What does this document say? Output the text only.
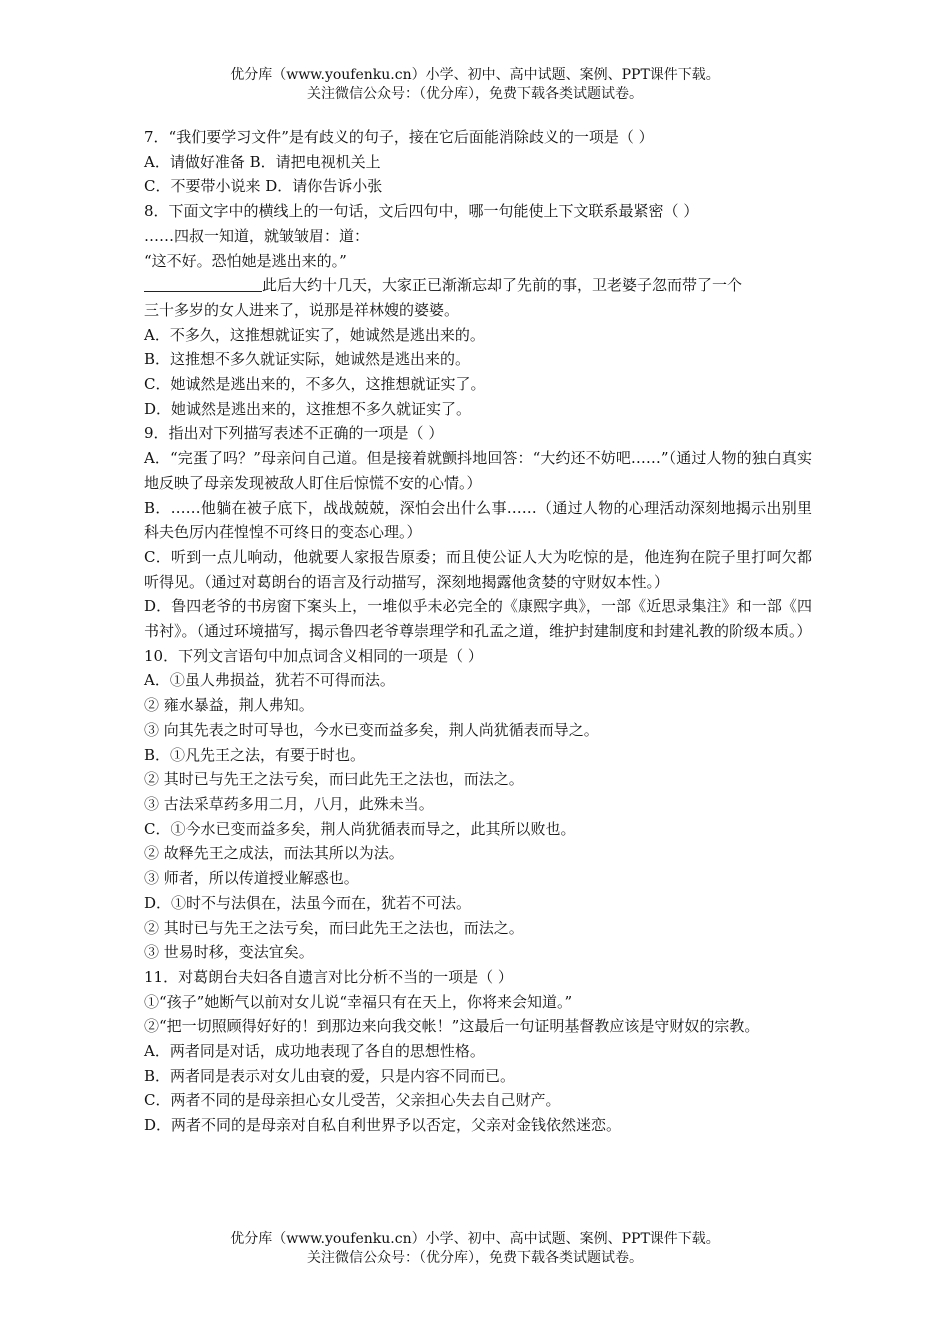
优分库（www.youfenku.cn）小学、初中、高中试题、案例、PPT课件下载。
关注微信公众号：（优分库），免费下载各类试题试卷。

7．“我们要学习文件”是有歧义的句子，接在它后面能消除歧义的一项是（ ）

A．请做好准备 B．请把电视机关上

C．不要带小说来 D．请你告诉小张

8．下面文字中的横线上的一句话，文后四句中，哪一句能使上下文联系最紧密（ ）

……四叔一知道，就皱皱眉：道：

“这不好。恐怕她是逃出来的。”

此后大约十几天，大家正已渐渐忘却了先前的事，卫老婆子忽而带了一个

三十多岁的女人进来了，说那是祥林嫂的婆婆。

A．不多久，这推想就证实了，她诚然是逃出来的。

B．这推想不多久就证实际，她诚然是逃出来的。

C．她诚然是逃出来的，不多久，这推想就证实了。

D．她诚然是逃出来的，这推想不多久就证实了。

9．指出对下列描写表述不正确的一项是（ ）

A．“完蛋了吗？”母亲问自己道。但是接着就颤抖地回答：“大约还不妨吧……”（通过人物的独白真实地反映了母亲发现被敌人盯住后惊慌不安的心情。）

B．……他躺在被子底下，战战兢兢，深怕会出什么事……（通过人物的心理活动深刻地揭示出别里科夫色厉内荏惶惶不可终日的变态心理。）

C．听到一点儿响动，他就要人家报告原委；而且使公证人大为吃惊的是，他连狗在院子里打呵欠都听得见。（通过对葛朗台的语言及行动描写，深刻地揭露他贪婪的守财奴本性。）

D．鲁四老爷的书房窗下案头上，一堆似乎未必完全的《康熙字典》，一部《近思录集注》和一部《四书衬》。（通过环境描写，揭示鲁四老爷尊崇理学和孔孟之道，维护封建制度和封建礼教的阶级本质。）

10．下列文言语句中加点词含义相同的一项是（ ）

A．①虽人弗损益，犹若不可得而法。

② 雍水暴益，荆人弗知。

③ 向其先表之时可导也，今水已变而益多矣，荆人尚犹循表而导之。

B．①凡先王之法，有要于时也。

② 其时已与先王之法亏矣，而曰此先王之法也，而法之。

③ 古法采草药多用二月，八月，此殊未当。

C．①今水已变而益多矣，荆人尚犹循表而导之，此其所以败也。

② 故释先王之成法，而法其所以为法。

③ 师者，所以传道授业解惑也。

D．①时不与法俱在，法虽今而在，犹若不可法。

② 其时已与先王之法亏矣，而曰此先王之法也，而法之。

③ 世易时移，变法宜矣。

11．对葛朗台夫妇各自遗言对比分析不当的一项是（ ）

①“孩子”她断气以前对女儿说“幸福只有在天上，你将来会知道。”

②“把一切照顾得好好的！到那边来向我交帐！”这最后一句证明基督教应该是守财奴的宗教。

A．两者同是对话，成功地表现了各自的思想性格。

B．两者同是表示对女儿由衰的爱，只是内容不同而已。

C．两者不同的是母亲担心女儿受苦，父亲担心失去自己财产。

D．两者不同的是母亲对自私自利世界予以否定，父亲对金钱依然迷恋。

优分库（www.youfenku.cn）小学、初中、高中试题、案例、PPT课件下载。
关注微信公众号：（优分库），免费下载各类试题试卷。
